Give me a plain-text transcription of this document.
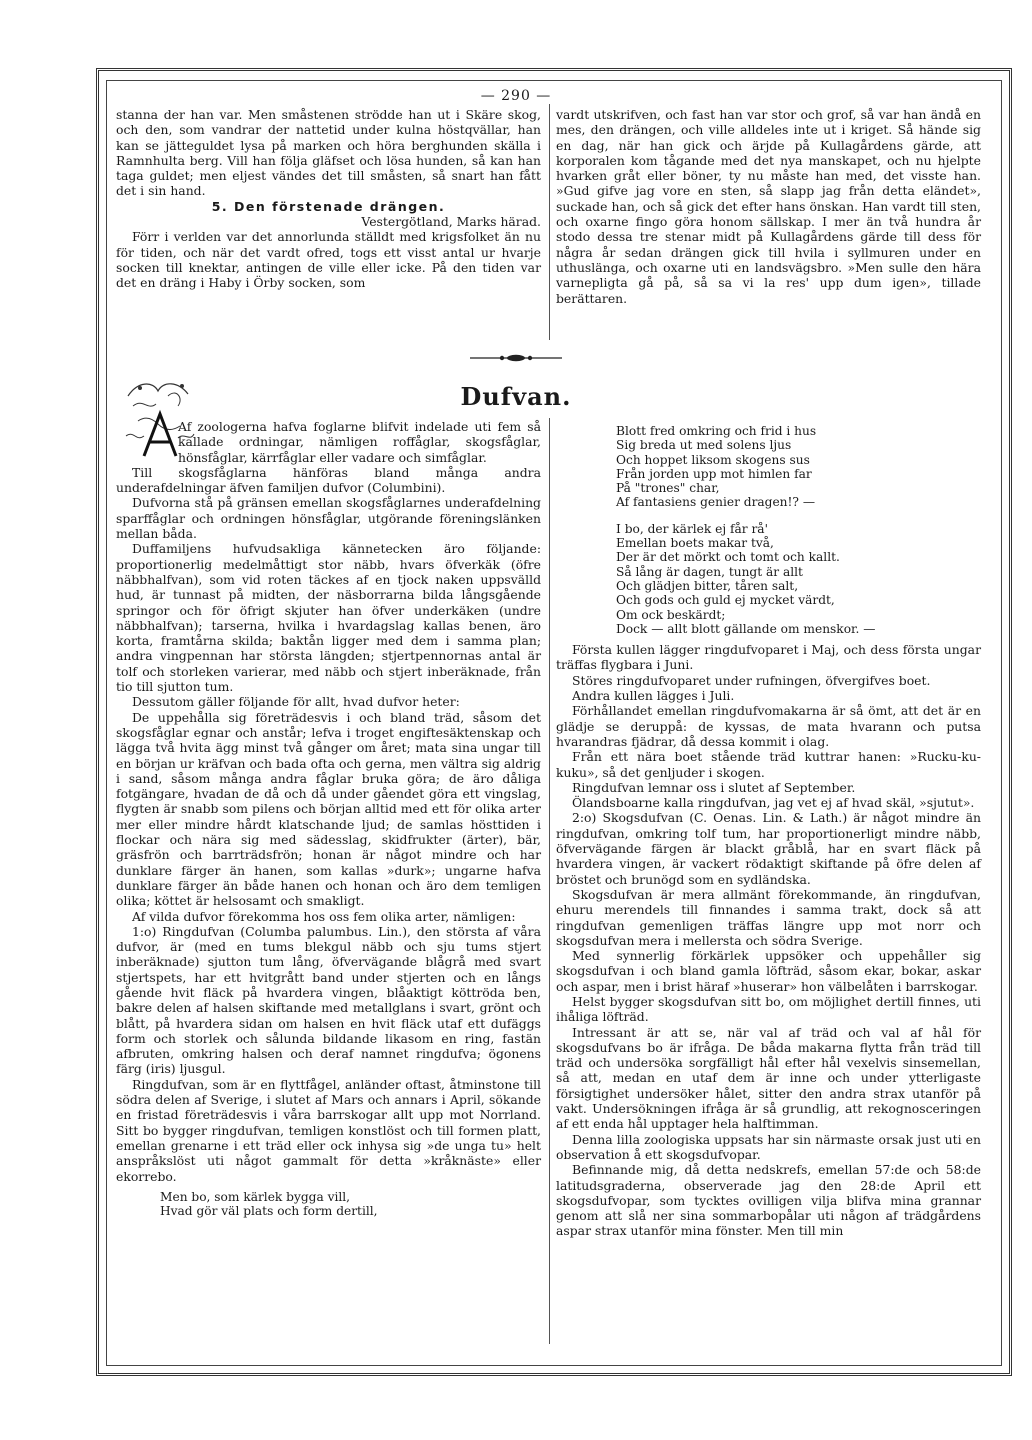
— 290 —

stanna der han var. Men småstenen strödde han ut i Skäre skog, och den, som vandrar der nattetid under kulna höstqvällar, han kan se jätteguldet lysa på marken och höra berghunden skälla i Ramnhulta berg. Vill han följa gläfset och lösa hunden, så kan han taga guldet; men eljest vändes det till småsten, så snart han fått det i sin hand.

5. Den förstenade drängen.

Vestergötland, Marks härad.

Förr i verlden var det annorlunda ställdt med krigsfolket än nu för tiden, och när det vardt ofred, togs ett visst antal ur hvarje socken till knektar, antingen de ville eller icke. På den tiden var det en dräng i Haby i Örby socken, som

vardt utskrifven, och fast han var stor och grof, så var han ändå en mes, den drängen, och ville alldeles inte ut i kriget. Så hände sig en dag, när han gick och ärjde på Kullagårdens gärde, att korporalen kom tågande med det nya manskapet, och nu hjelpte hvarken gråt eller böner, ty nu måste han med, det visste han. »Gud gifve jag vore en sten, så slapp jag från detta eländet», suckade han, och så gick det efter hans önskan. Han vardt till sten, och oxarne fingo göra honom sällskap. I mer än två hundra år stodo dessa tre stenar midt på Kullagårdens gärde till dess för några år sedan drängen gick till hvila i syllmuren under en uthuslänga, och oxarne uti en landsvägsbro. »Men sulle den hära varnepligta gå på, så sa vi la res' upp dum igen», tillade berättaren.

Dufvan.

Af zoologerna hafva foglarne blifvit indelade uti fem så kallade ordningar, nämligen roffåglar, skogsfåglar, hönsfåglar, kärrfåglar eller vadare och simfåglar.

Till skogsfåglarna hänföras bland många andra underafdelningar äfven familjen dufvor (Columbini).

Dufvorna stå på gränsen emellan skogsfåglarnes underafdelning sparffåglar och ordningen hönsfåglar, utgörande föreningslänken mellan båda.

Duffamiljens hufvudsakliga kännetecken äro följande: proportionerlig medelmåttigt stor näbb, hvars öfverkäk (öfre näbbhalfvan), som vid roten täckes af en tjock naken uppsvälld hud, är tunnast på midten, der näsborrarna bilda långsgående springor och för öfrigt skjuter han öfver underkäken (undre näbbhalfvan); tarserna, hvilka i hvardagslag kallas benen, äro korta, framtårna skilda; baktån ligger med dem i samma plan; andra vingpennan har största längden; stjertpennornas antal är tolf och storleken varierar, med näbb och stjert inberäknade, från tio till sjutton tum.

Dessutom gäller följande för allt, hvad dufvor heter:

De uppehålla sig företrädesvis i och bland träd, såsom det skogsfåglar egnar och anstår; lefva i troget engiftesäktenskap och lägga två hvita ägg minst två gånger om året; mata sina ungar till en början ur kräfvan och bada ofta och gerna, men vältra sig aldrig i sand, såsom många andra fåglar bruka göra; de äro dåliga fotgängare, hvadan de då och då under gåendet göra ett vingslag, flygten är snabb som pilens och början alltid med ett för olika arter mer eller mindre hårdt klatschande ljud; de samlas hösttiden i flockar och nära sig med sädesslag, skidfrukter (ärter), bär, gräsfrön och barrträdsfrön; honan är något mindre och har dunklare färger än hanen, som kallas »durk»; ungarne hafva dunklare färger än både hanen och honan och äro dem temligen olika; köttet är helsosamt och smakligt.

Af vilda dufvor förekomma hos oss fem olika arter, nämligen:

1:o) Ringdufvan (Columba palumbus. Lin.), den största af våra dufvor, är (med en tums blekgul näbb och sju tums stjert inberäknade) sjutton tum lång, öfvervägande blågrå med svart stjertspets, har ett hvitgrått band under stjerten och en långs gående hvit fläck på hvardera vingen, blåaktigt köttröda ben, bakre delen af halsen skiftande med metallglans i svart, grönt och blått, på hvardera sidan om halsen en hvit fläck utaf ett dufäggs form och storlek och sålunda bildande likasom en ring, fastän afbruten, omkring halsen och deraf namnet ringdufva; ögonens färg (iris) ljusgul.

Ringdufvan, som är en flyttfågel, anländer oftast, åtminstone till södra delen af Sverige, i slutet af Mars och annars i April, sökande en fristad företrädesvis i våra barrskogar allt upp mot Norrland. Sitt bo bygger ringdufvan, temligen konstlöst och till formen platt, emellan grenarne i ett träd eller ock inhysa sig »de unga tu» helt anspråkslöst uti något gammalt för detta »kråknäste» eller ekorrebo.

Men bo, som kärlek bygga vill,
Hvad gör väl plats och form dertill,
Blott fred omkring och frid i hus
Sig breda ut med solens ljus
Och hoppet liksom skogens sus
Från jorden upp mot himlen far
På "trones" char,
Af fantasiens genier dragen!? —
I bo, der kärlek ej får rå'
Emellan boets makar två,
Der är det mörkt och tomt och kallt.
Så lång är dagen, tungt är allt
Och glädjen bitter, tåren salt,
Och gods och guld ej mycket värdt,
Om ock beskärdt;
Dock — allt blott gällande om menskor. —

Första kullen lägger ringdufvoparet i Maj, och dess första ungar träffas flygbara i Juni.

Störes ringdufvoparet under rufningen, öfvergifves boet.

Andra kullen lägges i Juli.

Förhållandet emellan ringdufvomakarna är så ömt, att det är en glädje se deruppå: de kyssas, de mata hvarann och putsa hvarandras fjädrar, då dessa kommit i olag.

Från ett nära boet stående träd kuttrar hanen: »Rucku-ku-kuku», så det genljuder i skogen.

Ringdufvan lemnar oss i slutet af September.

Ölandsboarne kalla ringdufvan, jag vet ej af hvad skäl, »sjutut».

2:o) Skogsdufvan (C. Oenas. Lin. & Lath.) är något mindre än ringdufvan, omkring tolf tum, har proportionerligt mindre näbb, öfvervägande färgen är blackt gråblå, har en svart fläck på hvardera vingen, är vackert rödaktigt skiftande på öfre delen af bröstet och brunögd som en sydländska.

Skogsdufvan är mera allmänt förekommande, än ringdufvan, ehuru merendels till finnandes i samma trakt, dock så att ringdufvan gemenligen träffas längre upp mot norr och skogsdufvan mera i mellersta och södra Sverige.

Med synnerlig förkärlek uppsöker och uppehåller sig skogsdufvan i och bland gamla löfträd, såsom ekar, bokar, askar och aspar, men i brist häraf »huserar» hon välbelåten i barrskogar.

Helst bygger skogsdufvan sitt bo, om möjlighet dertill finnes, uti ihåliga löfträd.

Intressant är att se, när val af träd och val af hål för skogsdufvans bo är ifråga. De båda makarna flytta från träd till träd och undersöka sorgfälligt hål efter hål vexelvis sinsemellan, så att, medan en utaf dem är inne och under ytterligaste försigtighet undersöker hålet, sitter den andra strax utanför på vakt. Undersökningen ifråga är så grundlig, att rekognosceringen af ett enda hål upptager hela halftimman.

Denna lilla zoologiska uppsats har sin närmaste orsak just uti en observation å ett skogsdufvopar.

Befinnande mig, då detta nedskrefs, emellan 57:de och 58:de latitudsgraderna, observerade jag den 28:de April ett skogsdufvopar, som tycktes ovilligen vilja blifva mina grannar genom att slå ner sina sommarbopålar uti någon af trädgårdens aspar strax utanför mina fönster. Men till min
